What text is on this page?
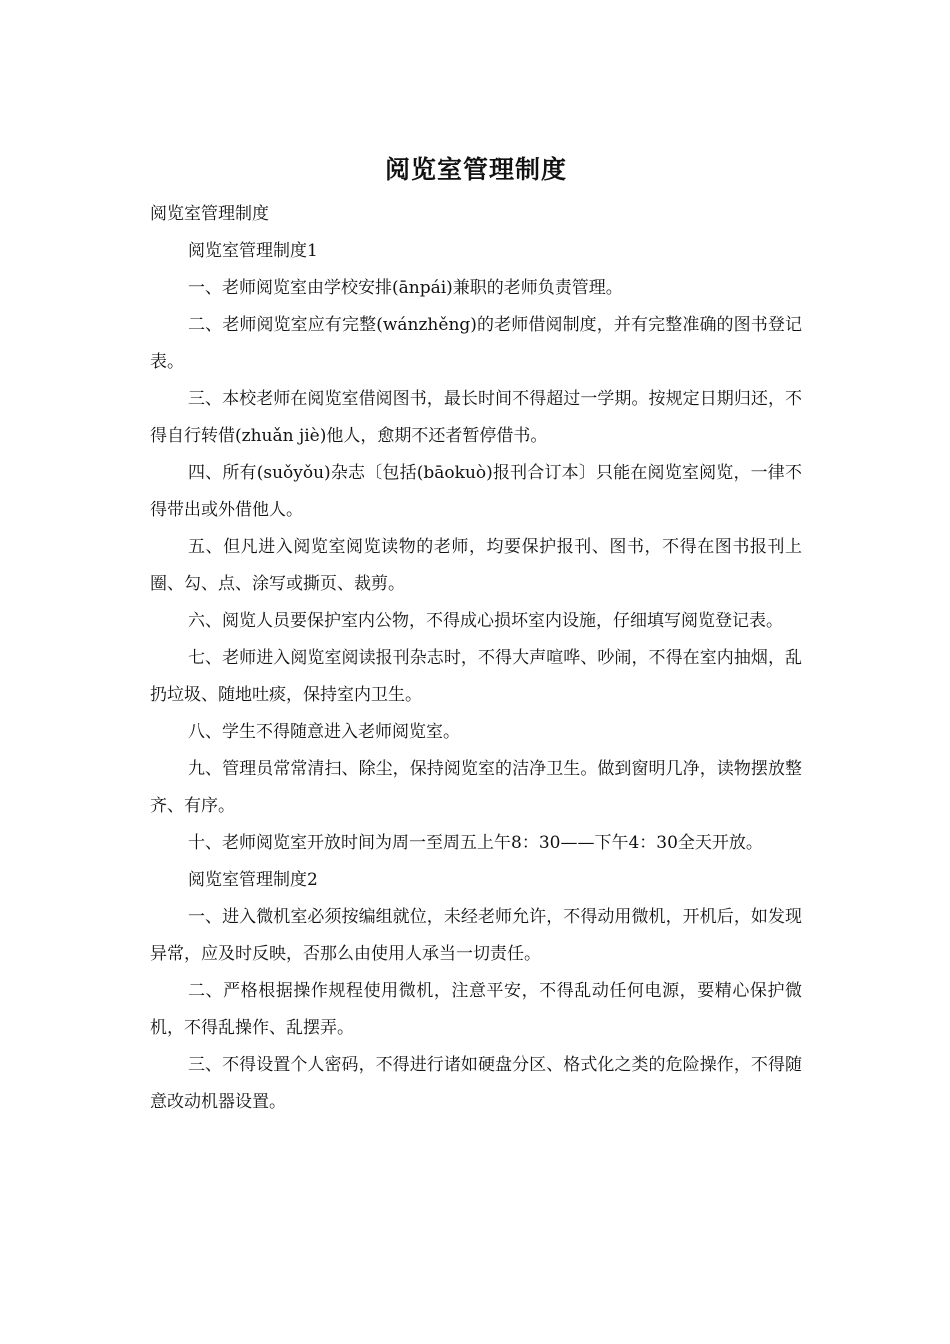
阅览室管理制度

阅览室管理制度

阅览室管理制度1

一、老师阅览室由学校安排(ānpái)兼职的老师负责管理。

二、老师阅览室应有完整(wánzhěng)的老师借阅制度，并有完整准确的图书登记表。

三、本校老师在阅览室借阅图书，最长时间不得超过一学期。按规定日期归还，不得自行转借(zhuǎn jiè)他人，愈期不还者暂停借书。

四、所有(suǒyǒu)杂志〔包括(bāokuò)报刊合订本〕只能在阅览室阅览，一律不得带出或外借他人。

五、但凡进入阅览室阅览读物的老师，均要保护报刊、图书，不得在图书报刊上圈、勾、点、涂写或撕页、裁剪。

六、阅览人员要保护室内公物，不得成心损坏室内设施，仔细填写阅览登记表。

七、老师进入阅览室阅读报刊杂志时，不得大声喧哗、吵闹，不得在室内抽烟，乱扔垃圾、随地吐痰，保持室内卫生。

八、学生不得随意进入老师阅览室。

九、管理员常常清扫、除尘，保持阅览室的洁净卫生。做到窗明几净，读物摆放整齐、有序。

十、老师阅览室开放时间为周一至周五上午8：30——下午4：30全天开放。

阅览室管理制度2

一、进入微机室必须按编组就位，未经老师允许，不得动用微机，开机后，如发现异常，应及时反映，否那么由使用人承当一切责任。

二、严格根据操作规程使用微机，注意平安，不得乱动任何电源，要精心保护微机，不得乱操作、乱摆弄。

三、不得设置个人密码，不得进行诸如硬盘分区、格式化之类的危险操作，不得随意改动机器设置。
